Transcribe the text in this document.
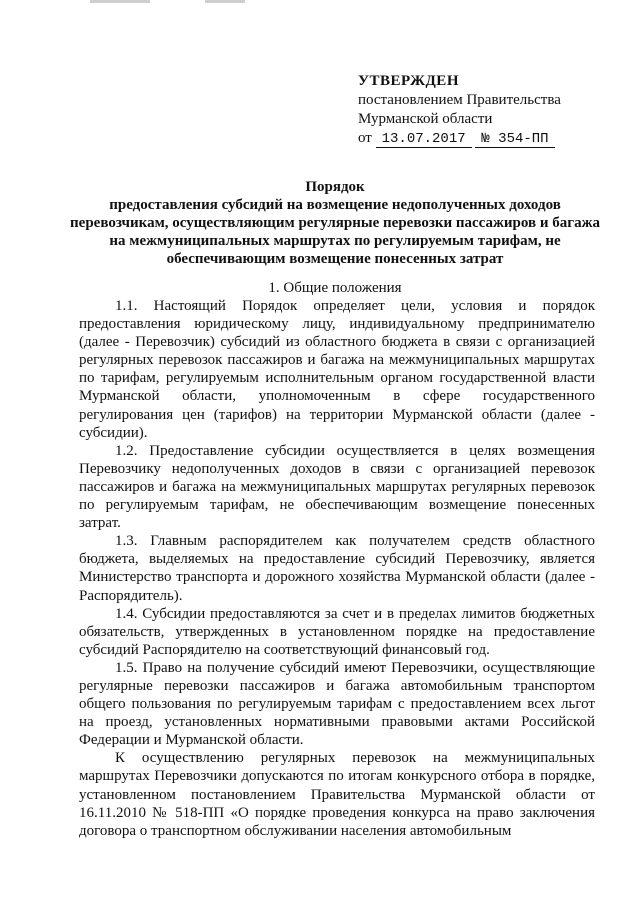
УТВЕРЖДЕН
постановлением Правительства
Мурманской области
от 13.07.2017 № 354-ПП
Порядок
предоставления субсидий на возмещение недополученных доходов перевозчикам, осуществляющим регулярные перевозки пассажиров и багажа на межмуниципальных маршрутах по регулируемым тарифам, не обеспечивающим возмещение понесенных затрат
1. Общие положения

1.1. Настоящий Порядок определяет цели, условия и порядок предоставления юридическому лицу, индивидуальному предпринимателю (далее - Перевозчик) субсидий из областного бюджета в связи с организацией регулярных перевозок пассажиров и багажа на межмуниципальных маршрутах по тарифам, регулируемым исполнительным органом государственной власти Мурманской области, уполномоченным в сфере государственного регулирования цен (тарифов) на территории Мурманской области (далее - субсидии).

1.2. Предоставление субсидии осуществляется в целях возмещения Перевозчику недополученных доходов в связи с организацией перевозок пассажиров и багажа на межмуниципальных маршрутах регулярных перевозок по регулируемым тарифам, не обеспечивающим возмещение понесенных затрат.

1.3. Главным распорядителем как получателем средств областного бюджета, выделяемых на предоставление субсидий Перевозчику, является Министерство транспорта и дорожного хозяйства Мурманской области (далее - Распорядитель).

1.4. Субсидии предоставляются за счет и в пределах лимитов бюджетных обязательств, утвержденных в установленном порядке на предоставление субсидий Распорядителю на соответствующий финансовый год.

1.5. Право на получение субсидий имеют Перевозчики, осуществляющие регулярные перевозки пассажиров и багажа автомобильным транспортом общего пользования по регулируемым тарифам с предоставлением всех льгот на проезд, установленных нормативными правовыми актами Российской Федерации и Мурманской области.

К осуществлению регулярных перевозок на межмуниципальных маршрутах Перевозчики допускаются по итогам конкурсного отбора в порядке, установленном постановлением Правительства Мурманской области от 16.11.2010 № 518-ПП «О порядке проведения конкурса на право заключения договора о транспортном обслуживании населения автомобильным
